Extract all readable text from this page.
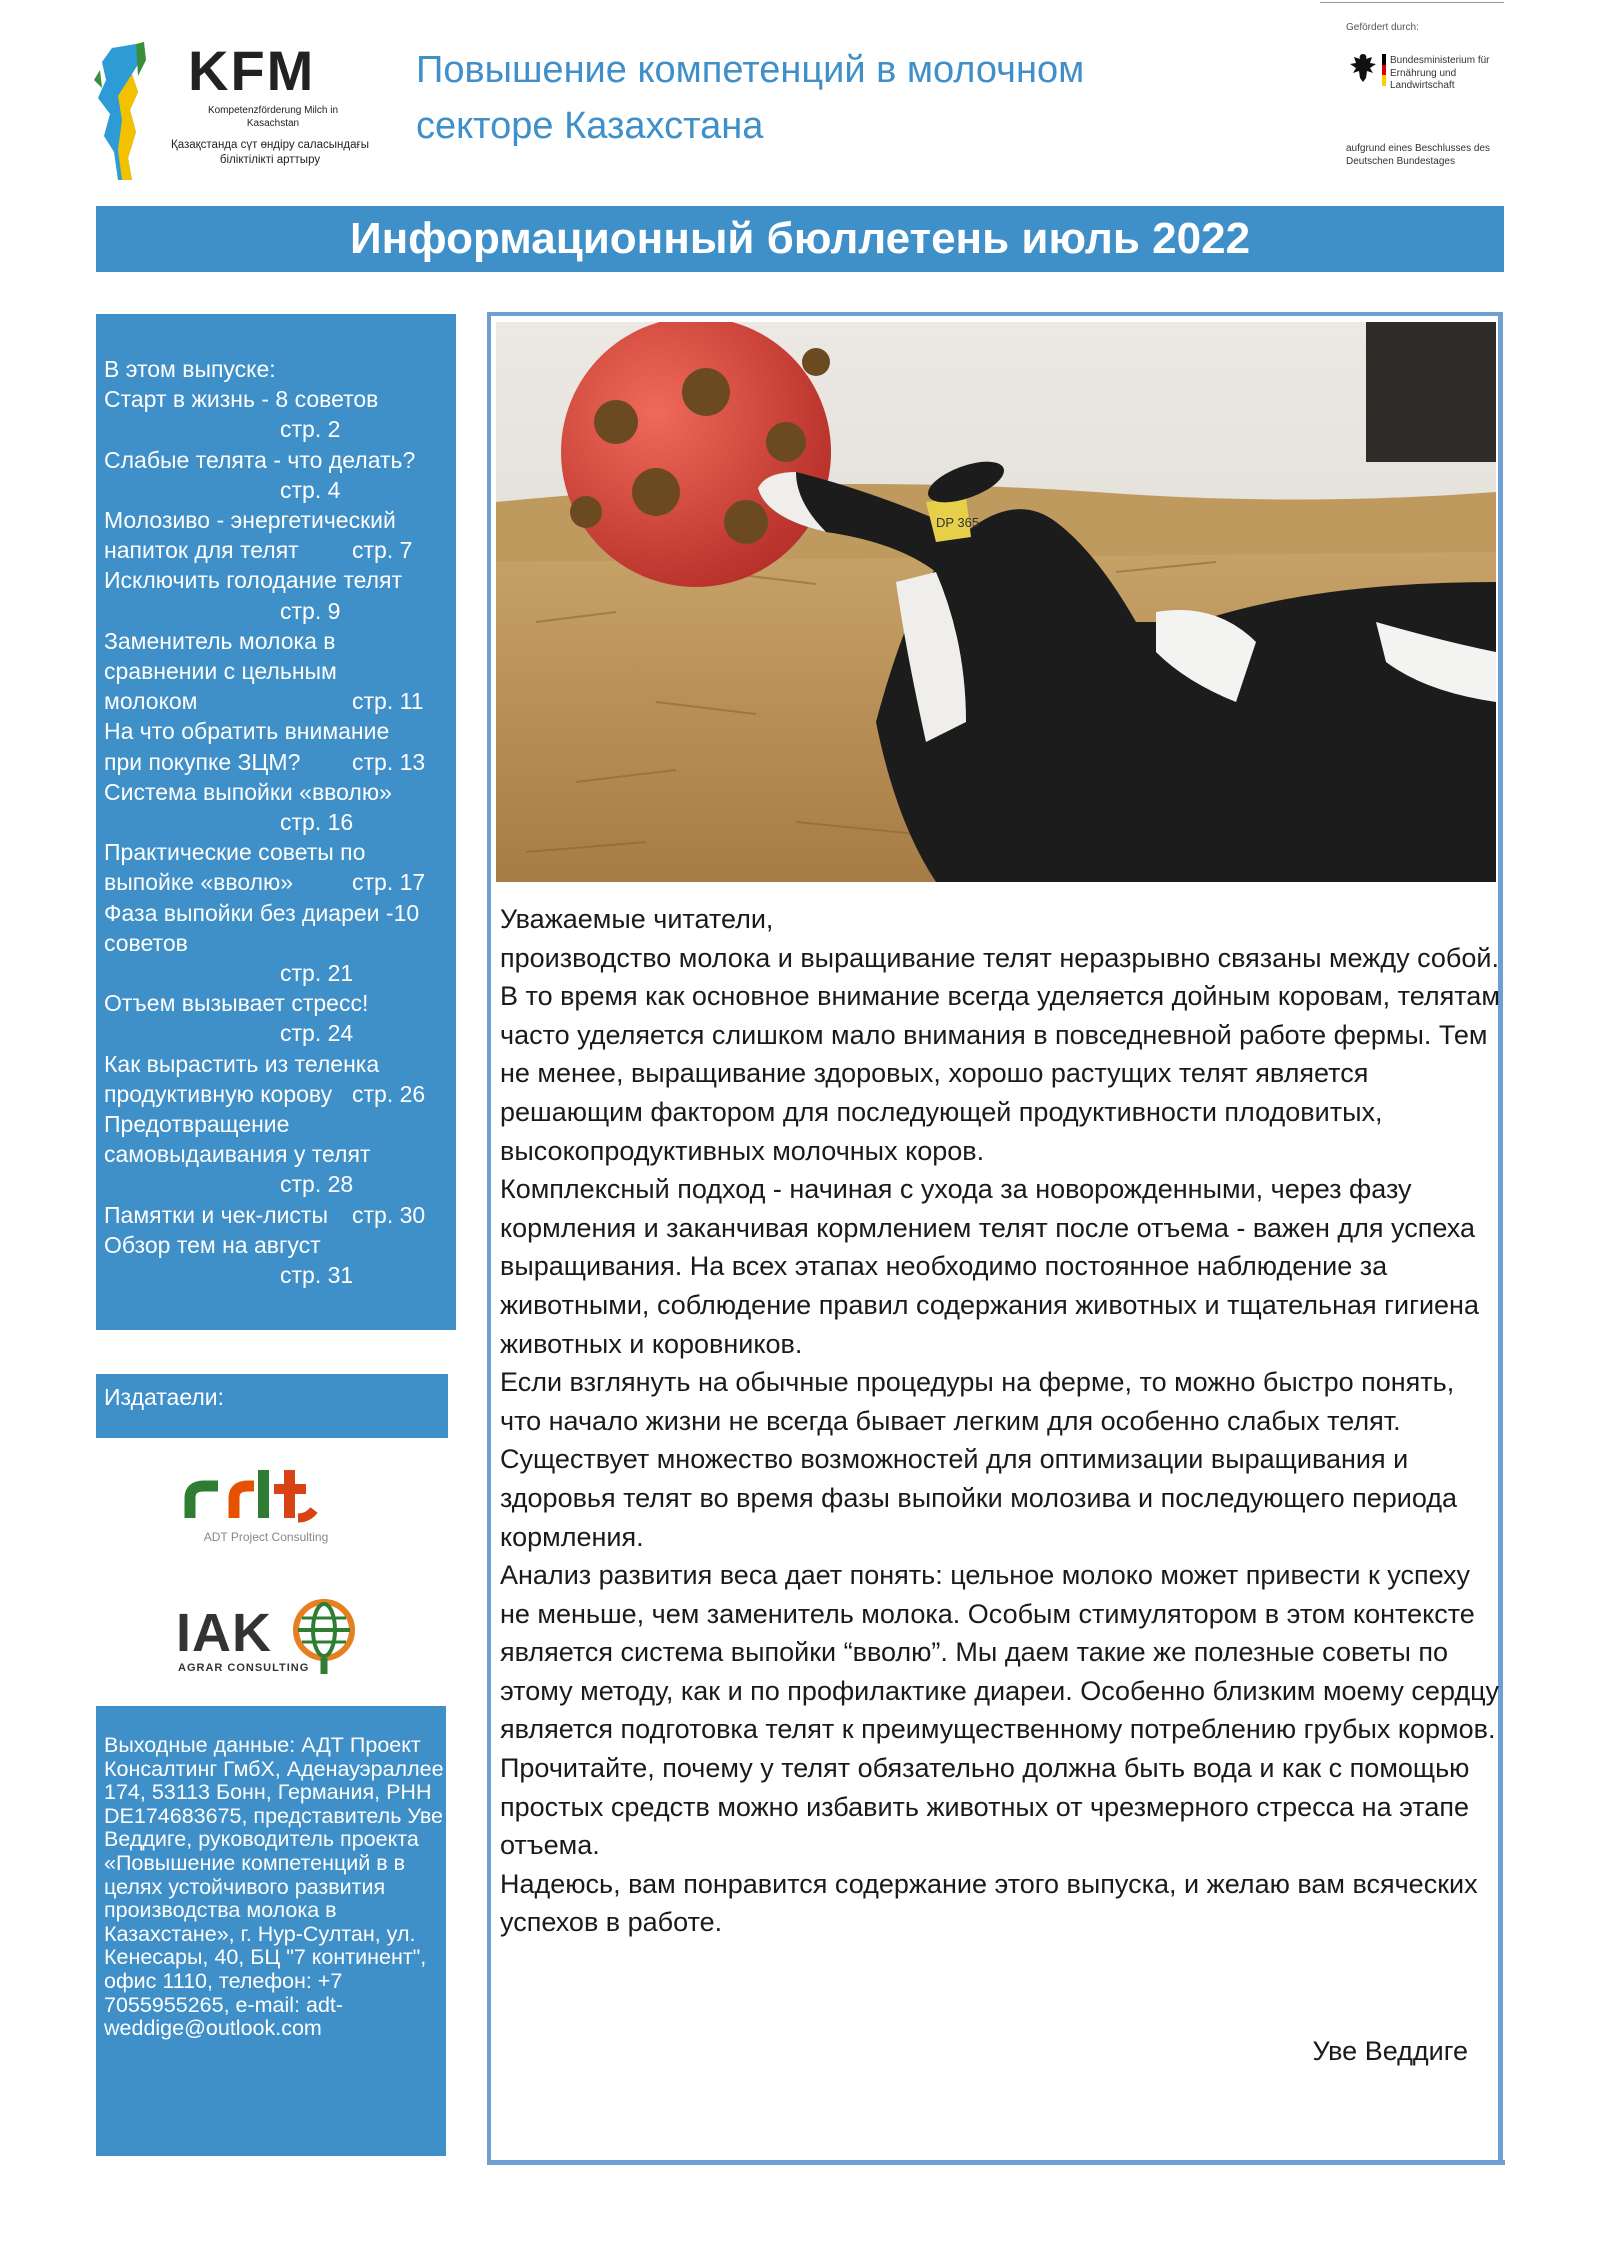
KFM
Kompetenzförderung Milch in Kasachstan
Қазақстанда сүт өндіру саласындағы біліктілікті арттыру
Повышение компетенций в молочном секторе Казахстана
Gefördert durch:
Bundesministerium für Ernährung und Landwirtschaft
aufgrund eines Beschlusses des Deutschen Bundestages
Информационный бюллетень июль 2022
В этом выпуске:
Старт в жизнь - 8 советов
стр. 2
Слабые телята - что делать?
стр. 4
Молозиво - энергетический
напиток для телят стр. 7
Исключить голодание телят
стр. 9
Заменитель молока в
сравнении с цельным
молоком	стр. 11
На что обратить внимание
при покупке ЗЦМ? стр. 13
Система выпойки «вволю»
стр. 16
Практические советы по
выпойке «вволю»	стр. 17
Фаза выпойки без диареи -10
советов
стр. 21
Отъем вызывает стресс!
стр. 24
Как вырастить из теленка
продуктивную корову стр. 26
Предотвращение
самовыдаивания у телят
стр. 28
Памятки и чек-листы стр. 30
Обзор тем на август
стр. 31
Издатаели:
ADT Project Consulting
IAK
AGRAR CONSULTING
Выходные данные: АДТ Проект Консалтинг ГмбХ, Аденауэраллее 174, 53113 Бонн, Германия, РНН DE174683675, представитель Уве Веддиге, руководитель проекта «Повышение компетенций в в целях устойчивого развития производства молока в Казахстане», г. Нур-Султан, ул. Кенесары, 40, БЦ "7 континент", офис 1110, телефон: +7 7055955265, e-mail: adt-weddige@outlook.com
DP 365

Уважаемые читатели,

производство молока и выращивание телят неразрывно связаны между собой. В то время как основное внимание всегда уделяется дойным коровам, телятам часто уделяется слишком мало внимания в повседневной работе фермы. Тем не менее, выращивание здоровых, хорошо растущих телят является решающим фактором для последующей продуктивности плодовитых, высокопродуктивных молочных коров.

Комплексный подход - начиная с ухода за новорожденными, через фазу кормления и заканчивая кормлением телят после отъема - важен для успеха выращивания. На всех этапах необходимо постоянное наблюдение за животными, соблюдение правил содержания животных и тщательная гигиена животных и коровников.

Если взглянуть на обычные процедуры на ферме, то можно быстро понять, что начало жизни не всегда бывает легким для особенно слабых телят. Существует множество возможностей для оптимизации выращивания и здоровья телят во время фазы выпойки молозива и последующего периода кормления.

Анализ развития веса дает понять: цельное молоко может привести к успеху не меньше, чем заменитель молока. Особым стимулятором в этом контексте является система выпойки “вволю”. Мы даем такие же полезные советы по этому методу, как и по профилактике диареи. Особенно близким моему сердцу является подготовка телят к преимущественному потреблению грубых кормов. Прочитайте, почему у телят обязательно должна быть вода и как с помощью простых средств можно избавить животных от чрезмерного стресса на этапе отъема.

Надеюсь, вам понравится содержание этого выпуска, и желаю вам всяческих успехов в работе.

Уве Веддиге
